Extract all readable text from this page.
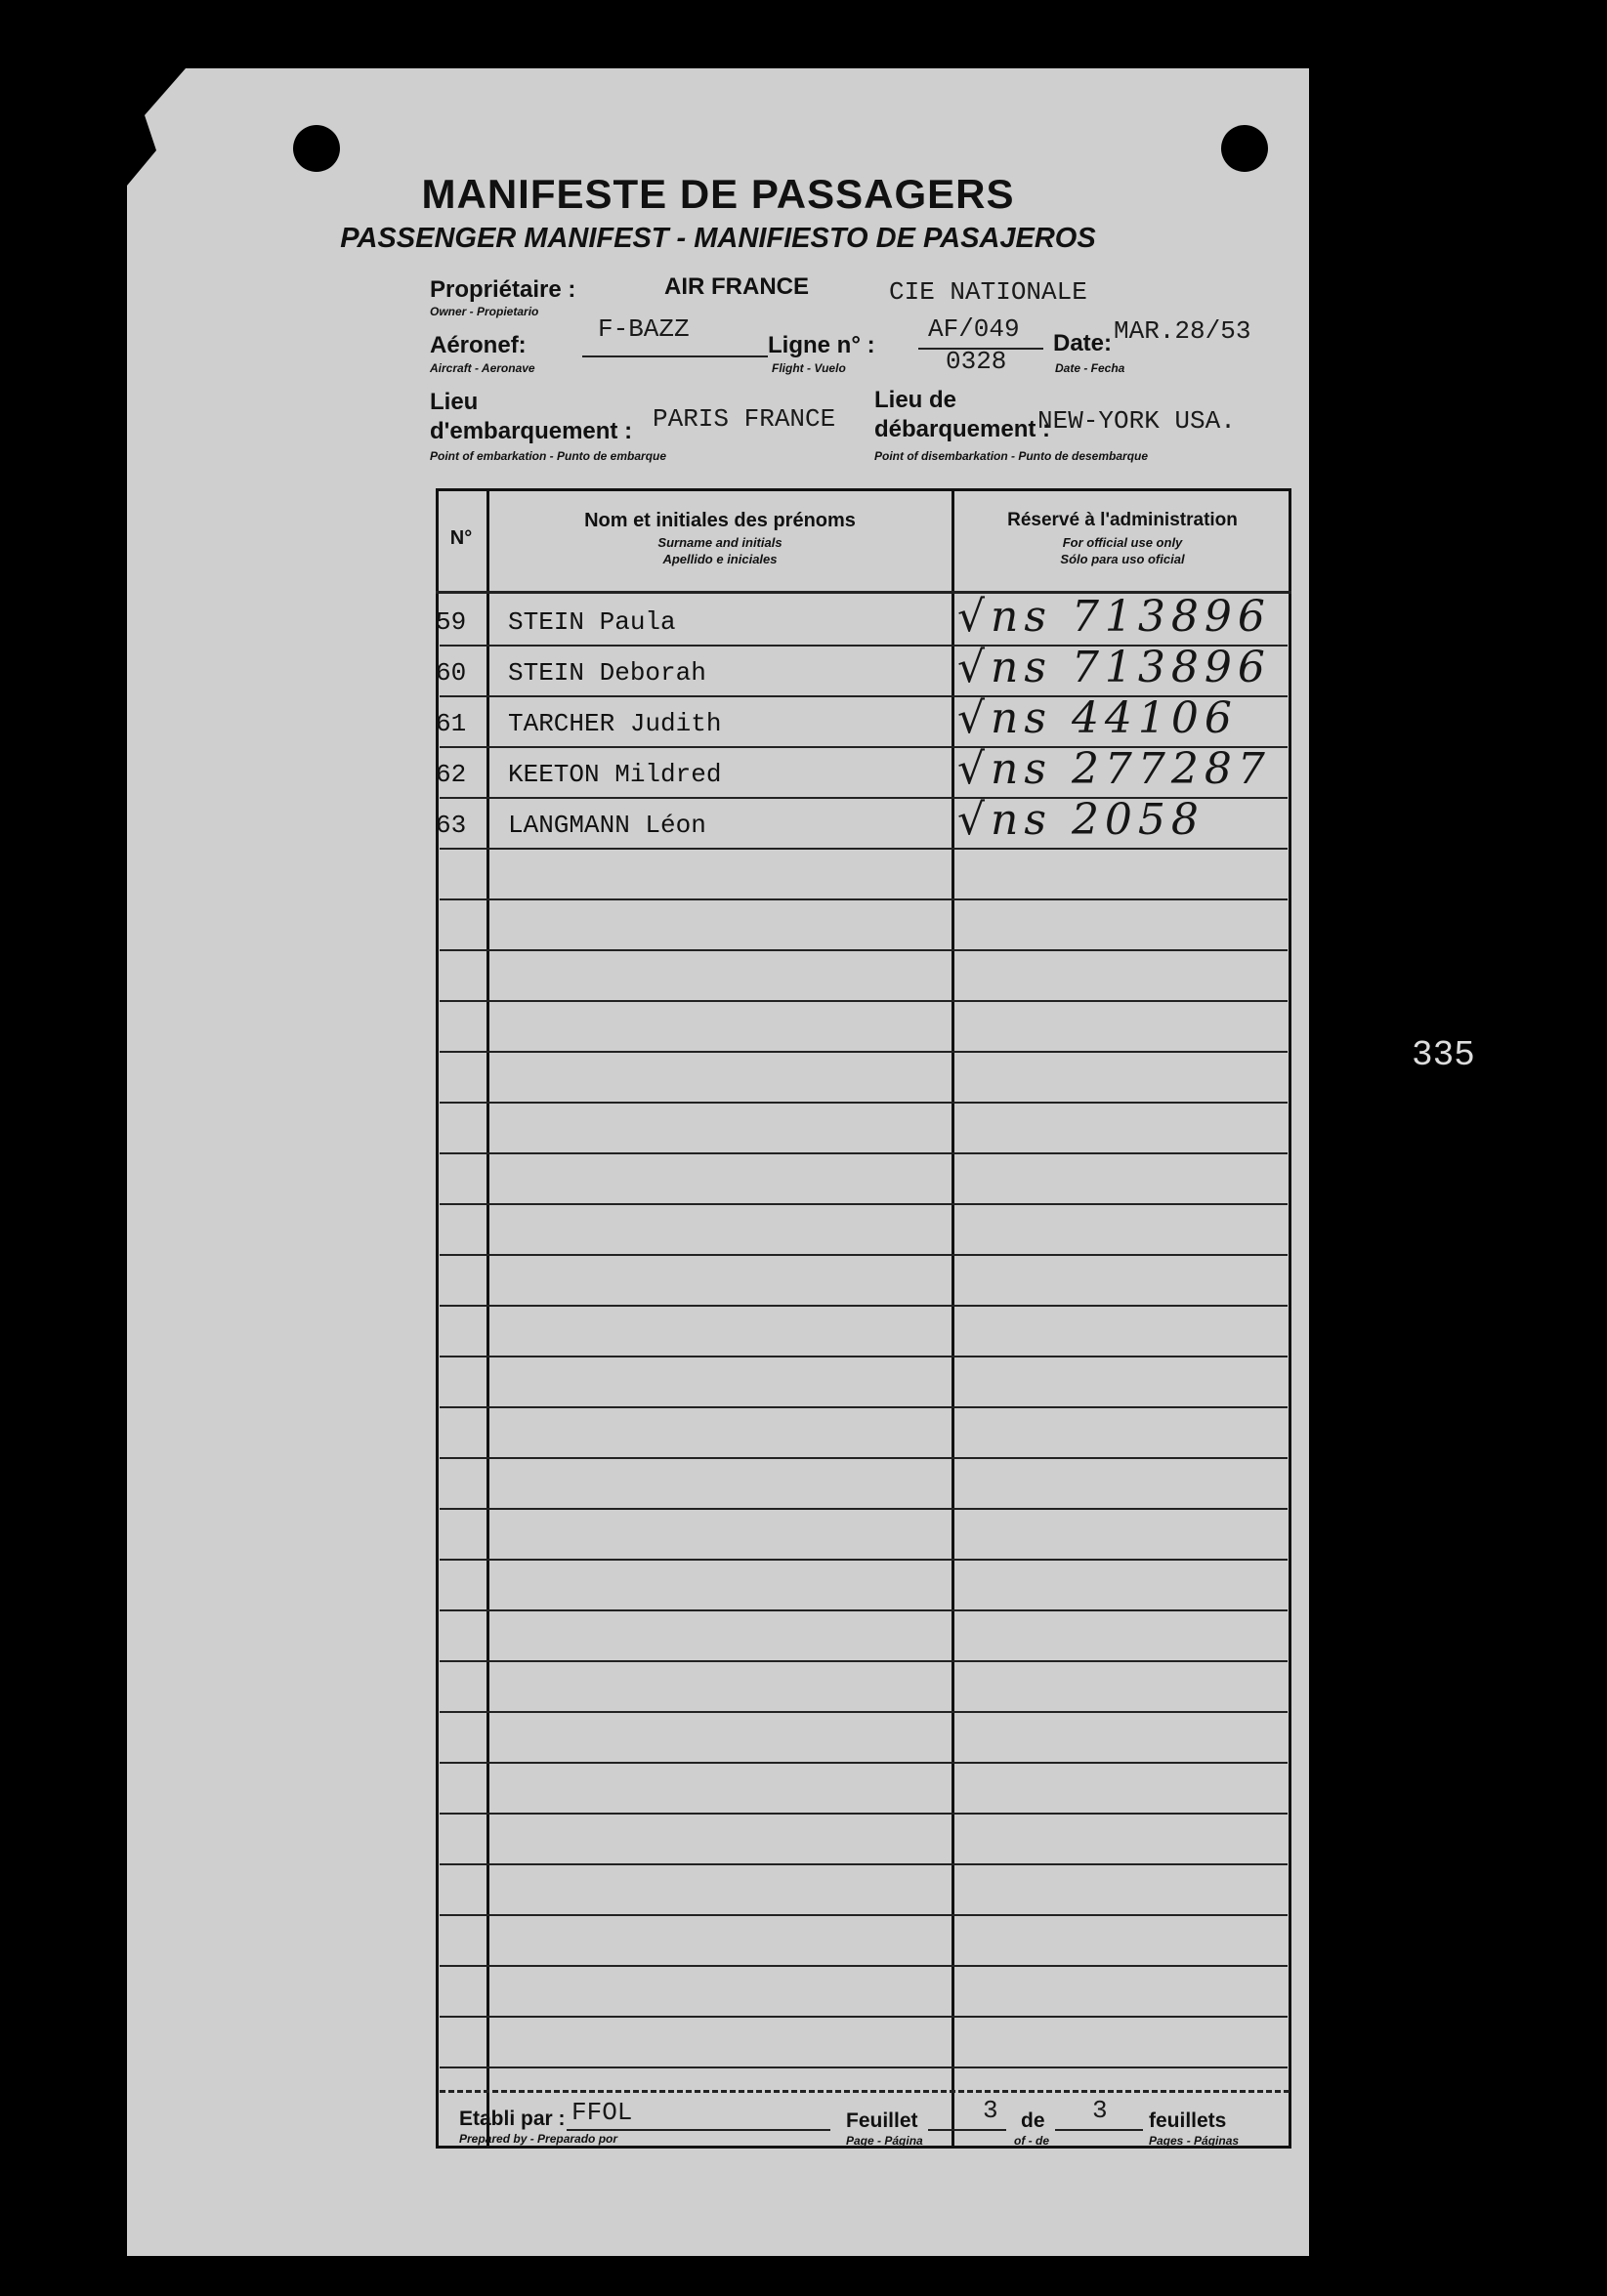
MANIFESTE DE PASSAGERS
PASSENGER MANIFEST - MANIFIESTO DE PASAJEROS
Propriétaire :
Owner - Propietario
AIR FRANCE	CIE NATIONALE
Aéronef:
Aircraft - Aeronave
F-BAZZ
Ligne n° :
Flight - Vuelo
AF/049
0328
Date:
Date - Fecha
MAR.28/53
Lieu
d'embarquement :
Point of embarkation - Punto de embarque
PARIS FRANCE
Lieu de
débarquement :
Point of disembarkation - Punto de desembarque
NEW-YORK USA.
N°
Nom et initiales des prénoms
Surname and initials
Apellido e iniciales
Réservé à l'administration
For official use only
Sólo para uso oficial
59 STEIN Paula	√ns 713896
60 STEIN Deborah	√ns 713896
61 TARCHER Judith	√ns 44106
62 KEETON Mildred	√ns 277287
63 LANGMANN Léon	√ns 2058
Etabli par :
Prepared by - Preparado por
FFOL	Feuillet
Page - Página
3 de
of - de
3 feuillets
Pages - Páginas
335
